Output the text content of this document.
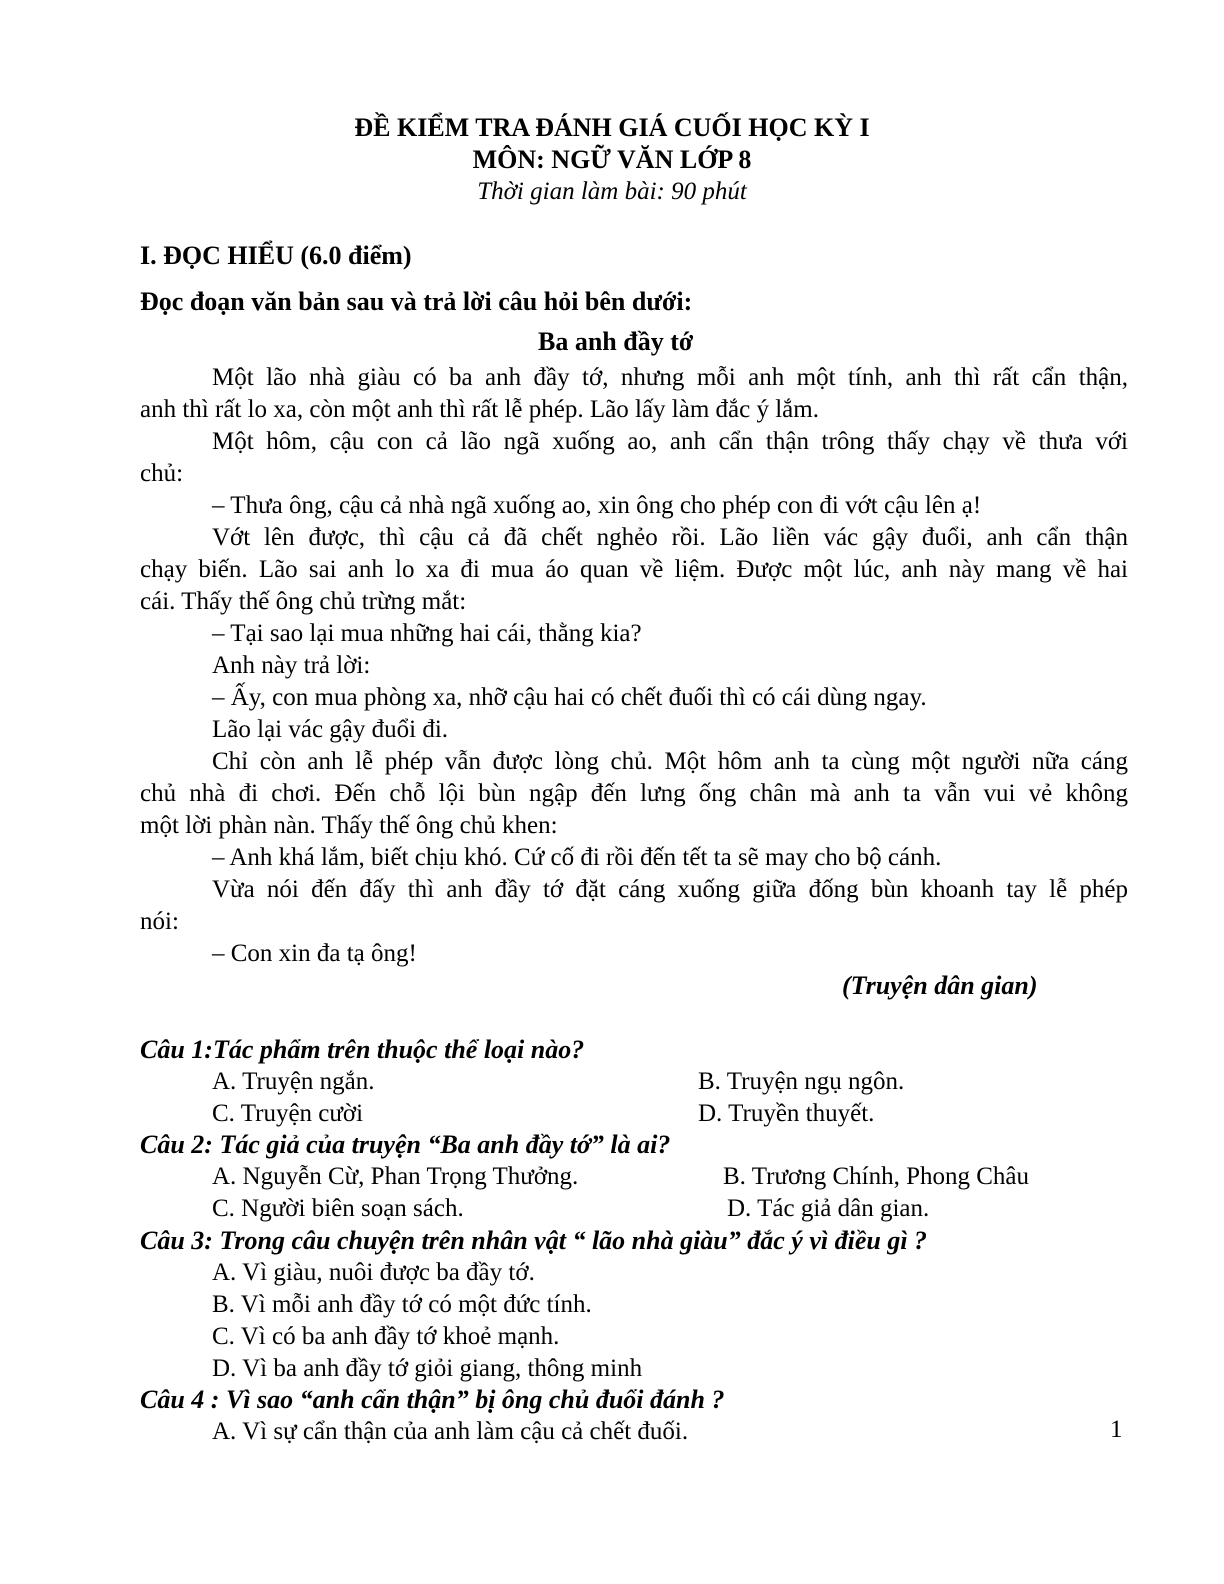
ĐỀ KIỂM TRA ĐÁNH GIÁ CUỐI HỌC KỲ I
MÔN: NGỮ VĂN LỚP 8
Thời gian làm bài: 90 phút
I. ĐỌC HIỂU (6.0 điểm)
Đọc đoạn văn bản sau và trả lời câu hỏi bên dưới:
Ba anh đầy tớ
Một lão nhà giàu có ba anh đầy tớ, nhưng mỗi anh một tính, anh thì rất cẩn thận,
anh thì rất lo xa, còn một anh thì rất lễ phép. Lão lấy làm đắc ý lắm.
Một hôm, cậu con cả lão ngã xuống ao, anh cẩn thận trông thấy chạy về thưa với
chủ:
– Thưa ông, cậu cả nhà ngã xuống ao, xin ông cho phép con đi vớt cậu lên ạ!
Vớt lên được, thì cậu cả đã chết nghẻo rồi. Lão liền vác gậy đuổi, anh cẩn thận
chạy biến. Lão sai anh lo xa đi mua áo quan về liệm. Được một lúc, anh này mang về hai
cái. Thấy thế ông chủ trừng mắt:
– Tại sao lại mua những hai cái, thằng kia?
Anh này trả lời:
– Ấy, con mua phòng xa, nhỡ cậu hai có chết đuối thì có cái dùng ngay.
Lão lại vác gậy đuổi đi.
Chỉ còn anh lễ phép vẫn được lòng chủ. Một hôm anh ta cùng một người nữa cáng
chủ nhà đi chơi. Đến chỗ lội bùn ngập đến lưng ống chân mà anh ta vẫn vui vẻ không
một lời phàn nàn. Thấy thế ông chủ khen:
– Anh khá lắm, biết chịu khó. Cứ cố đi rồi đến tết ta sẽ may cho bộ cánh.
Vừa nói đến đấy thì anh đầy tớ đặt cáng xuống giữa đống bùn khoanh tay lễ phép
nói:
– Con xin đa tạ ông!
(Truyện dân gian)
Câu 1:Tác phẩm trên thuộc thể loại nào?
A. Truyện ngắn.	B. Truyện ngụ ngôn.
C. Truyện cười	D. Truyền thuyết.
Câu 2: Tác giả của truyện “Ba anh đầy tớ” là ai?
A. Nguyễn Cừ, Phan Trọng Thưởng.	B. Trương Chính, Phong Châu
C. Người biên soạn sách.	D. Tác giả dân gian.
Câu 3: Trong câu chuyện trên nhân vật “ lão nhà giàu” đắc ý vì điều gì ?
A. Vì giàu, nuôi được ba đầy tớ.
B. Vì mỗi anh đầy tớ có một đức tính.
C. Vì có ba anh đầy tớ khoẻ mạnh.
D. Vì ba anh đầy tớ giỏi giang, thông minh
Câu 4 : Vì sao “anh cẩn thận” bị ông chủ đuổi đánh ?
A. Vì sự cẩn thận của anh làm cậu cả chết đuối.	1
